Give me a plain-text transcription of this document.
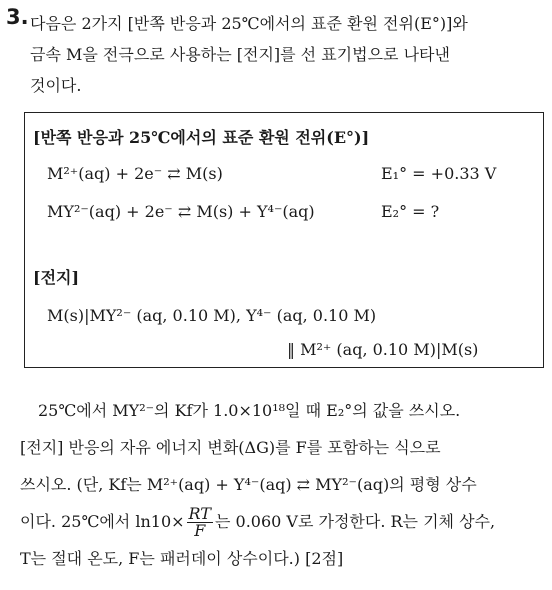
3. 다음은 2가지 [반쪽 반응과 25℃에서의 표준 환원 전위(E°)]와
금속 M을 전극으로 사용하는 [전지]를 선 표기법으로 나타낸
것이다.
[반쪽 반응과 25℃에서의 표준 환원 전위(E°)]
M²⁺(aq) + 2e⁻ ⇄ M(s)	E₁° = +0.33 V
MY²⁻(aq) + 2e⁻ ⇄ M(s) + Y⁴⁻(aq)	E₂° = ?
[전지]
M(s)|MY²⁻ (aq, 0.10 M), Y⁴⁻ (aq, 0.10 M)
‖ M²⁺ (aq, 0.10 M)|M(s)
25℃에서 MY²⁻의 Kf가 1.0×10¹⁸일 때 E₂°의 값을 쓰시오.
[전지] 반응의 자유 에너지 변화(ΔG)를 F를 포함하는 식으로
쓰시오. (단, Kf는 M²⁺(aq) + Y⁴⁻(aq) ⇄ MY²⁻(aq)의 평형 상수
이다. 25℃에서 $\ln 10\times \frac{RT}{F}$ 는 0.060 V로 가정한다. R는 기체 상수,
T는 절대 온도, F는 패러데이 상수이다.) [2점]
